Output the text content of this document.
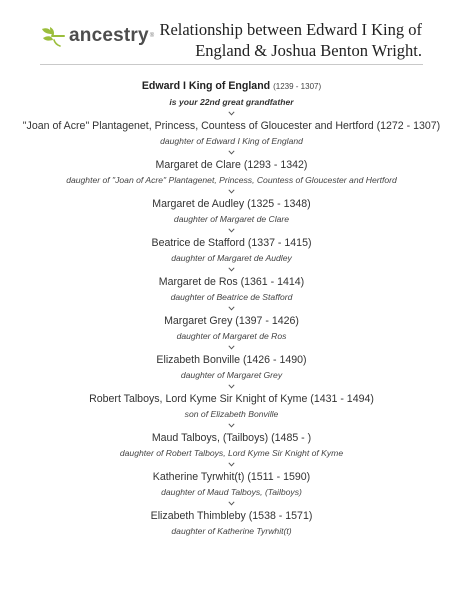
ancestry ® Relationship between Edward I King of England & Joshua Benton Wright.
Edward I King of England (1239 - 1307)
is your 22nd great grandfather
"Joan of Acre" Plantagenet, Princess, Countess of Gloucester and Hertford (1272 - 1307)
daughter of Edward I King of England
Margaret de Clare (1293 - 1342)
daughter of "Joan of Acre" Plantagenet, Princess, Countess of Gloucester and Hertford
Margaret de Audley (1325 - 1348)
daughter of Margaret de Clare
Beatrice de Stafford (1337 - 1415)
daughter of Margaret de Audley
Margaret de Ros (1361 - 1414)
daughter of Beatrice de Stafford
Margaret Grey (1397 - 1426)
daughter of Margaret de Ros
Elizabeth Bonville (1426 - 1490)
daughter of Margaret Grey
Robert Talboys, Lord Kyme Sir Knight of Kyme (1431 - 1494)
son of Elizabeth Bonville
Maud Talboys, (Tailboys) (1485 - )
daughter of Robert Talboys, Lord Kyme Sir Knight of Kyme
Katherine Tyrwhit(t) (1511 - 1590)
daughter of Maud Talboys, (Tailboys)
Elizabeth Thimbleby (1538 - 1571)
daughter of Katherine Tyrwhit(t)
